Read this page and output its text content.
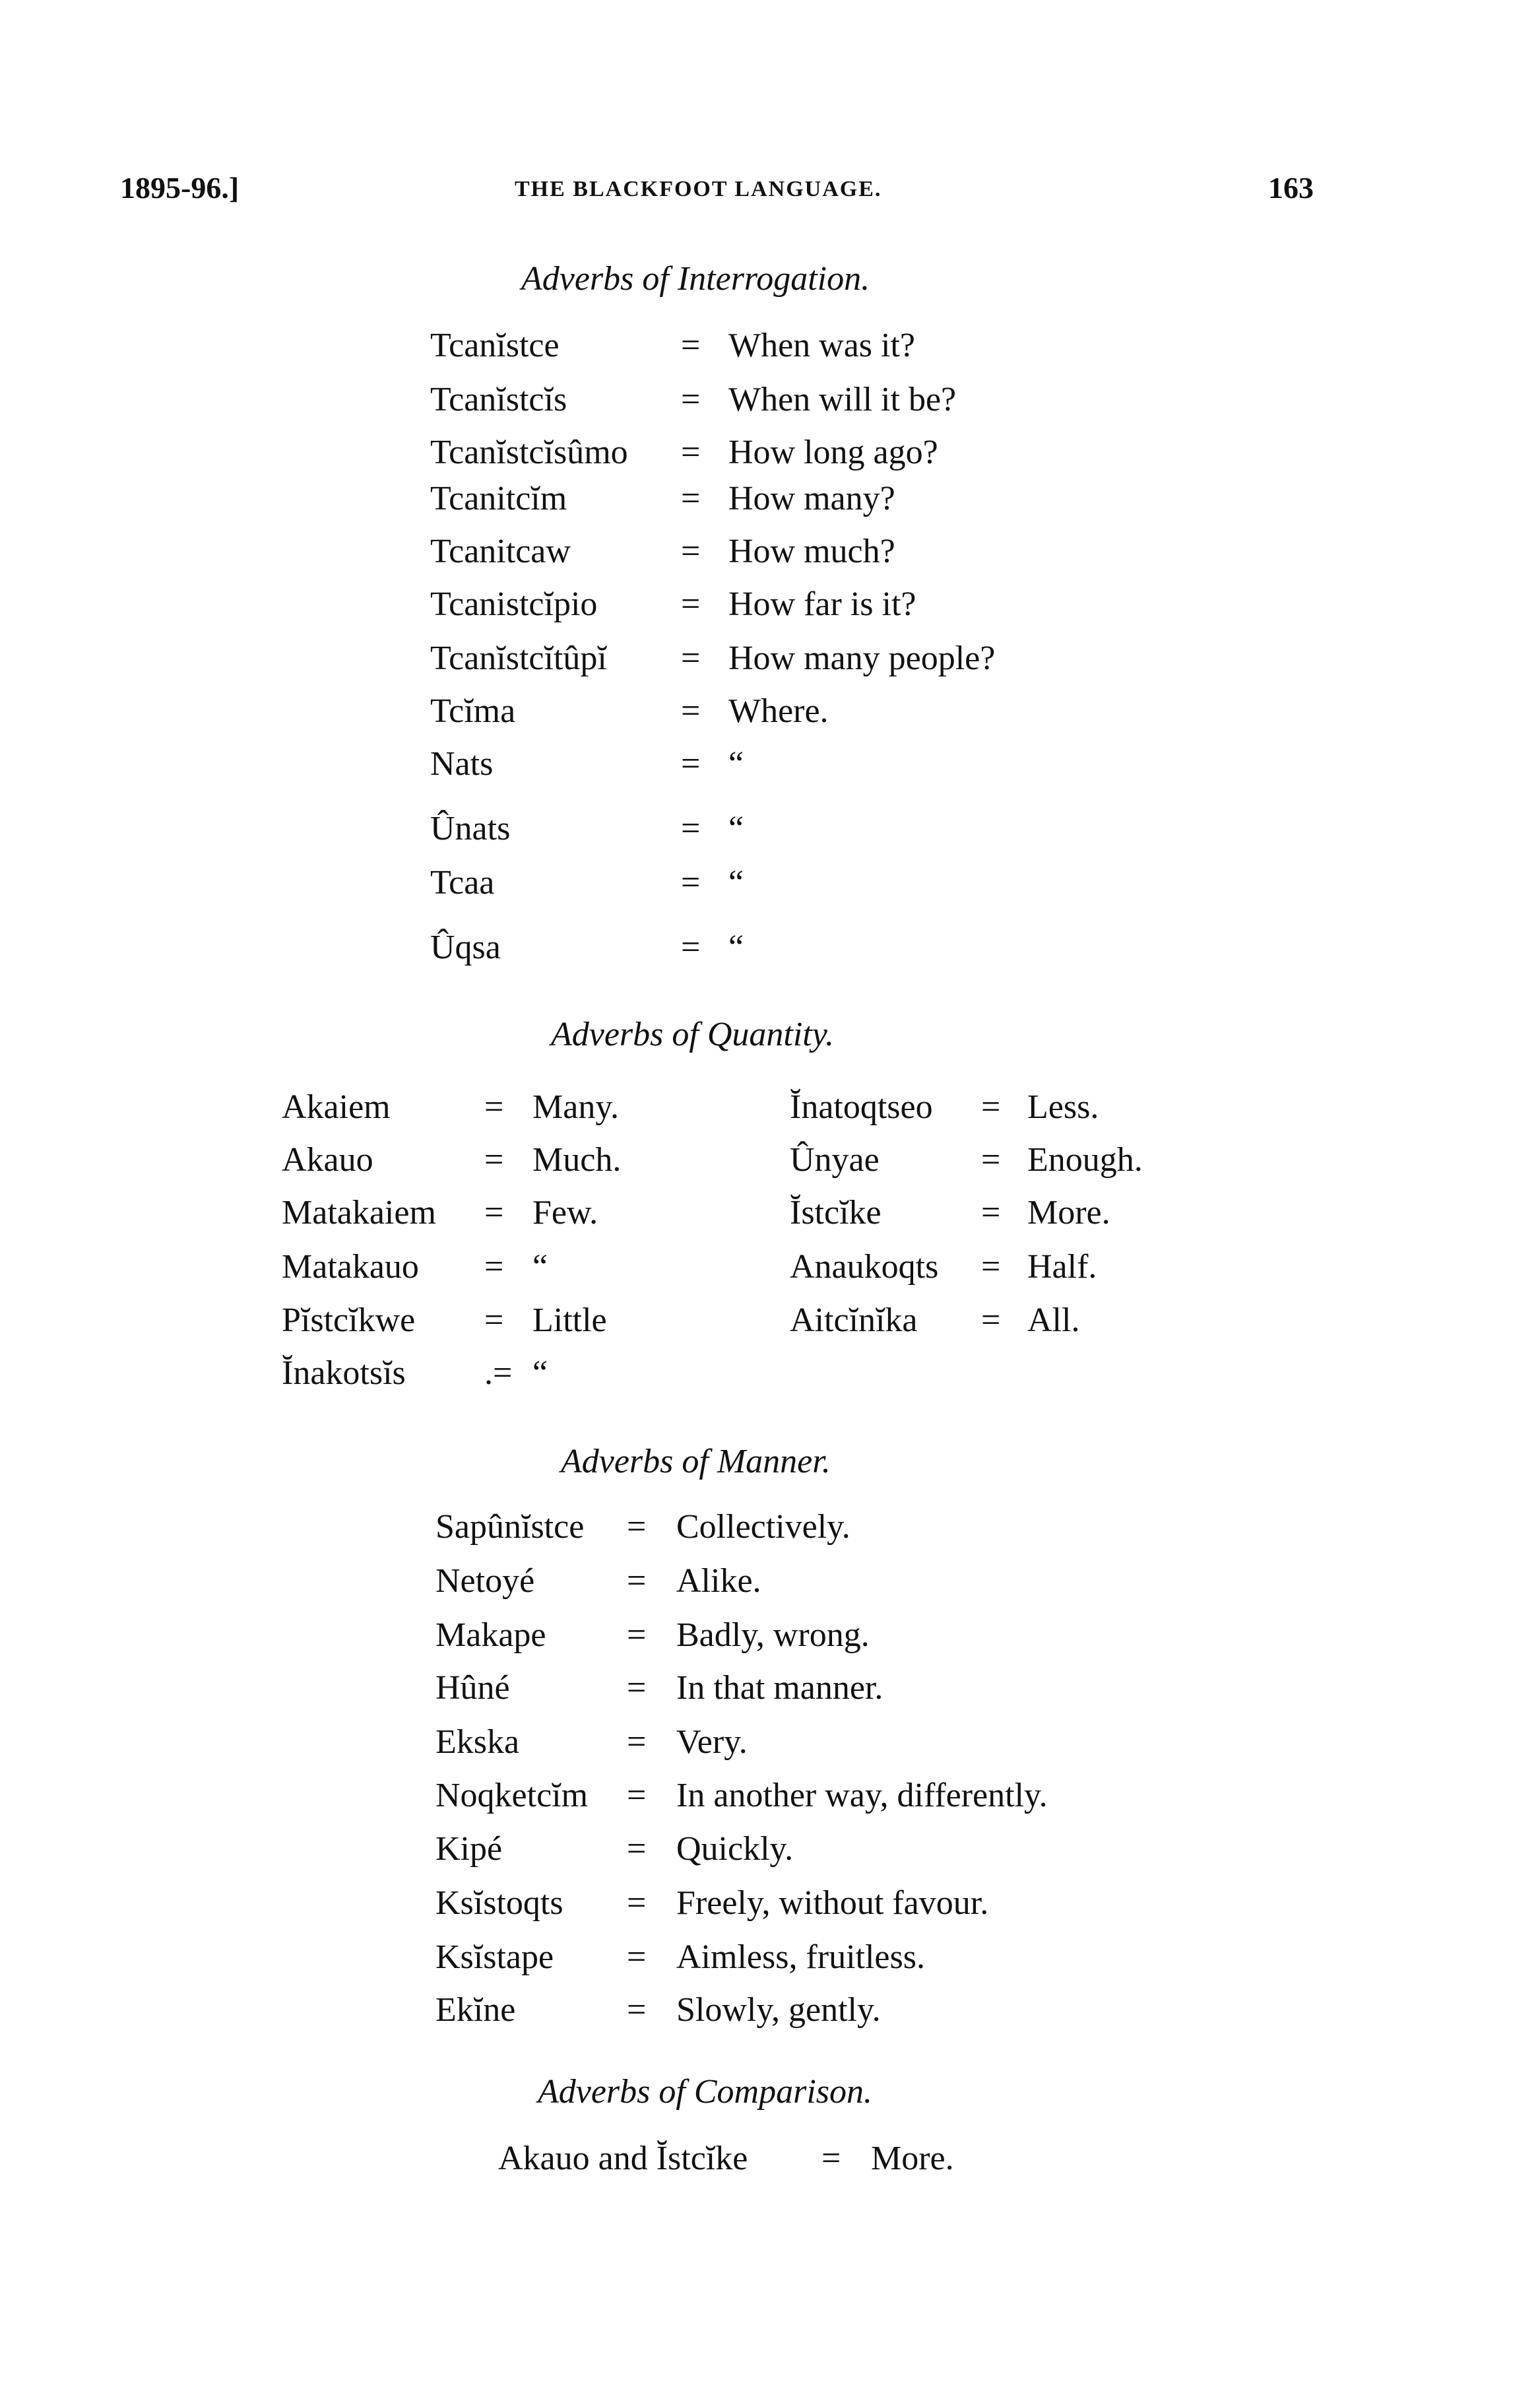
1895-96.]	THE BLACKFOOT LANGUAGE.	163
Adverbs of Interrogation.
Tcanĭstce	= When was it?
Tcanĭstcĭs	= When will it be?
Tcanĭstcĭsûmo = How long ago?
Tcanitcĭm	= How many?
Tcanitcaw	= How much?
Tcanistcĭpio = How far is it?
Tcanĭstcĭtûpĭ = How many people?
Tcĭma	= Where.
Nats	= “
Ûnats	= “
Tcaa	= “
Ûqsa	= “
Adverbs of Quantity.
Akaiem	= Many.
Akauo	= Much.
Matakaiem = Few.
Matakauo = “
Pĭstcĭkwe = Little
Ĭnakotsĭs .= “
Ĭnatoqtseo = Less.
Ûnyae	= Enough.
Ĭstcĭke	= More.
Anaukoqts = Half.
Aitcĭnĭka = All.
Adverbs of Manner.
Sapûnĭstce = Collectively.
Netoyé	= Alike.
Makape = Badly, wrong.
Hûné	= In that manner.
Ekska	= Very.
Noqketcĭm = In another way, differently.
Kipé	= Quickly.
Ksĭstoqts = Freely, without favour.
Ksĭstape = Aimless, fruitless.
Ekĭne	= Slowly, gently.
Adverbs of Comparison.
Akauo and Ĭstcĭke = More.
